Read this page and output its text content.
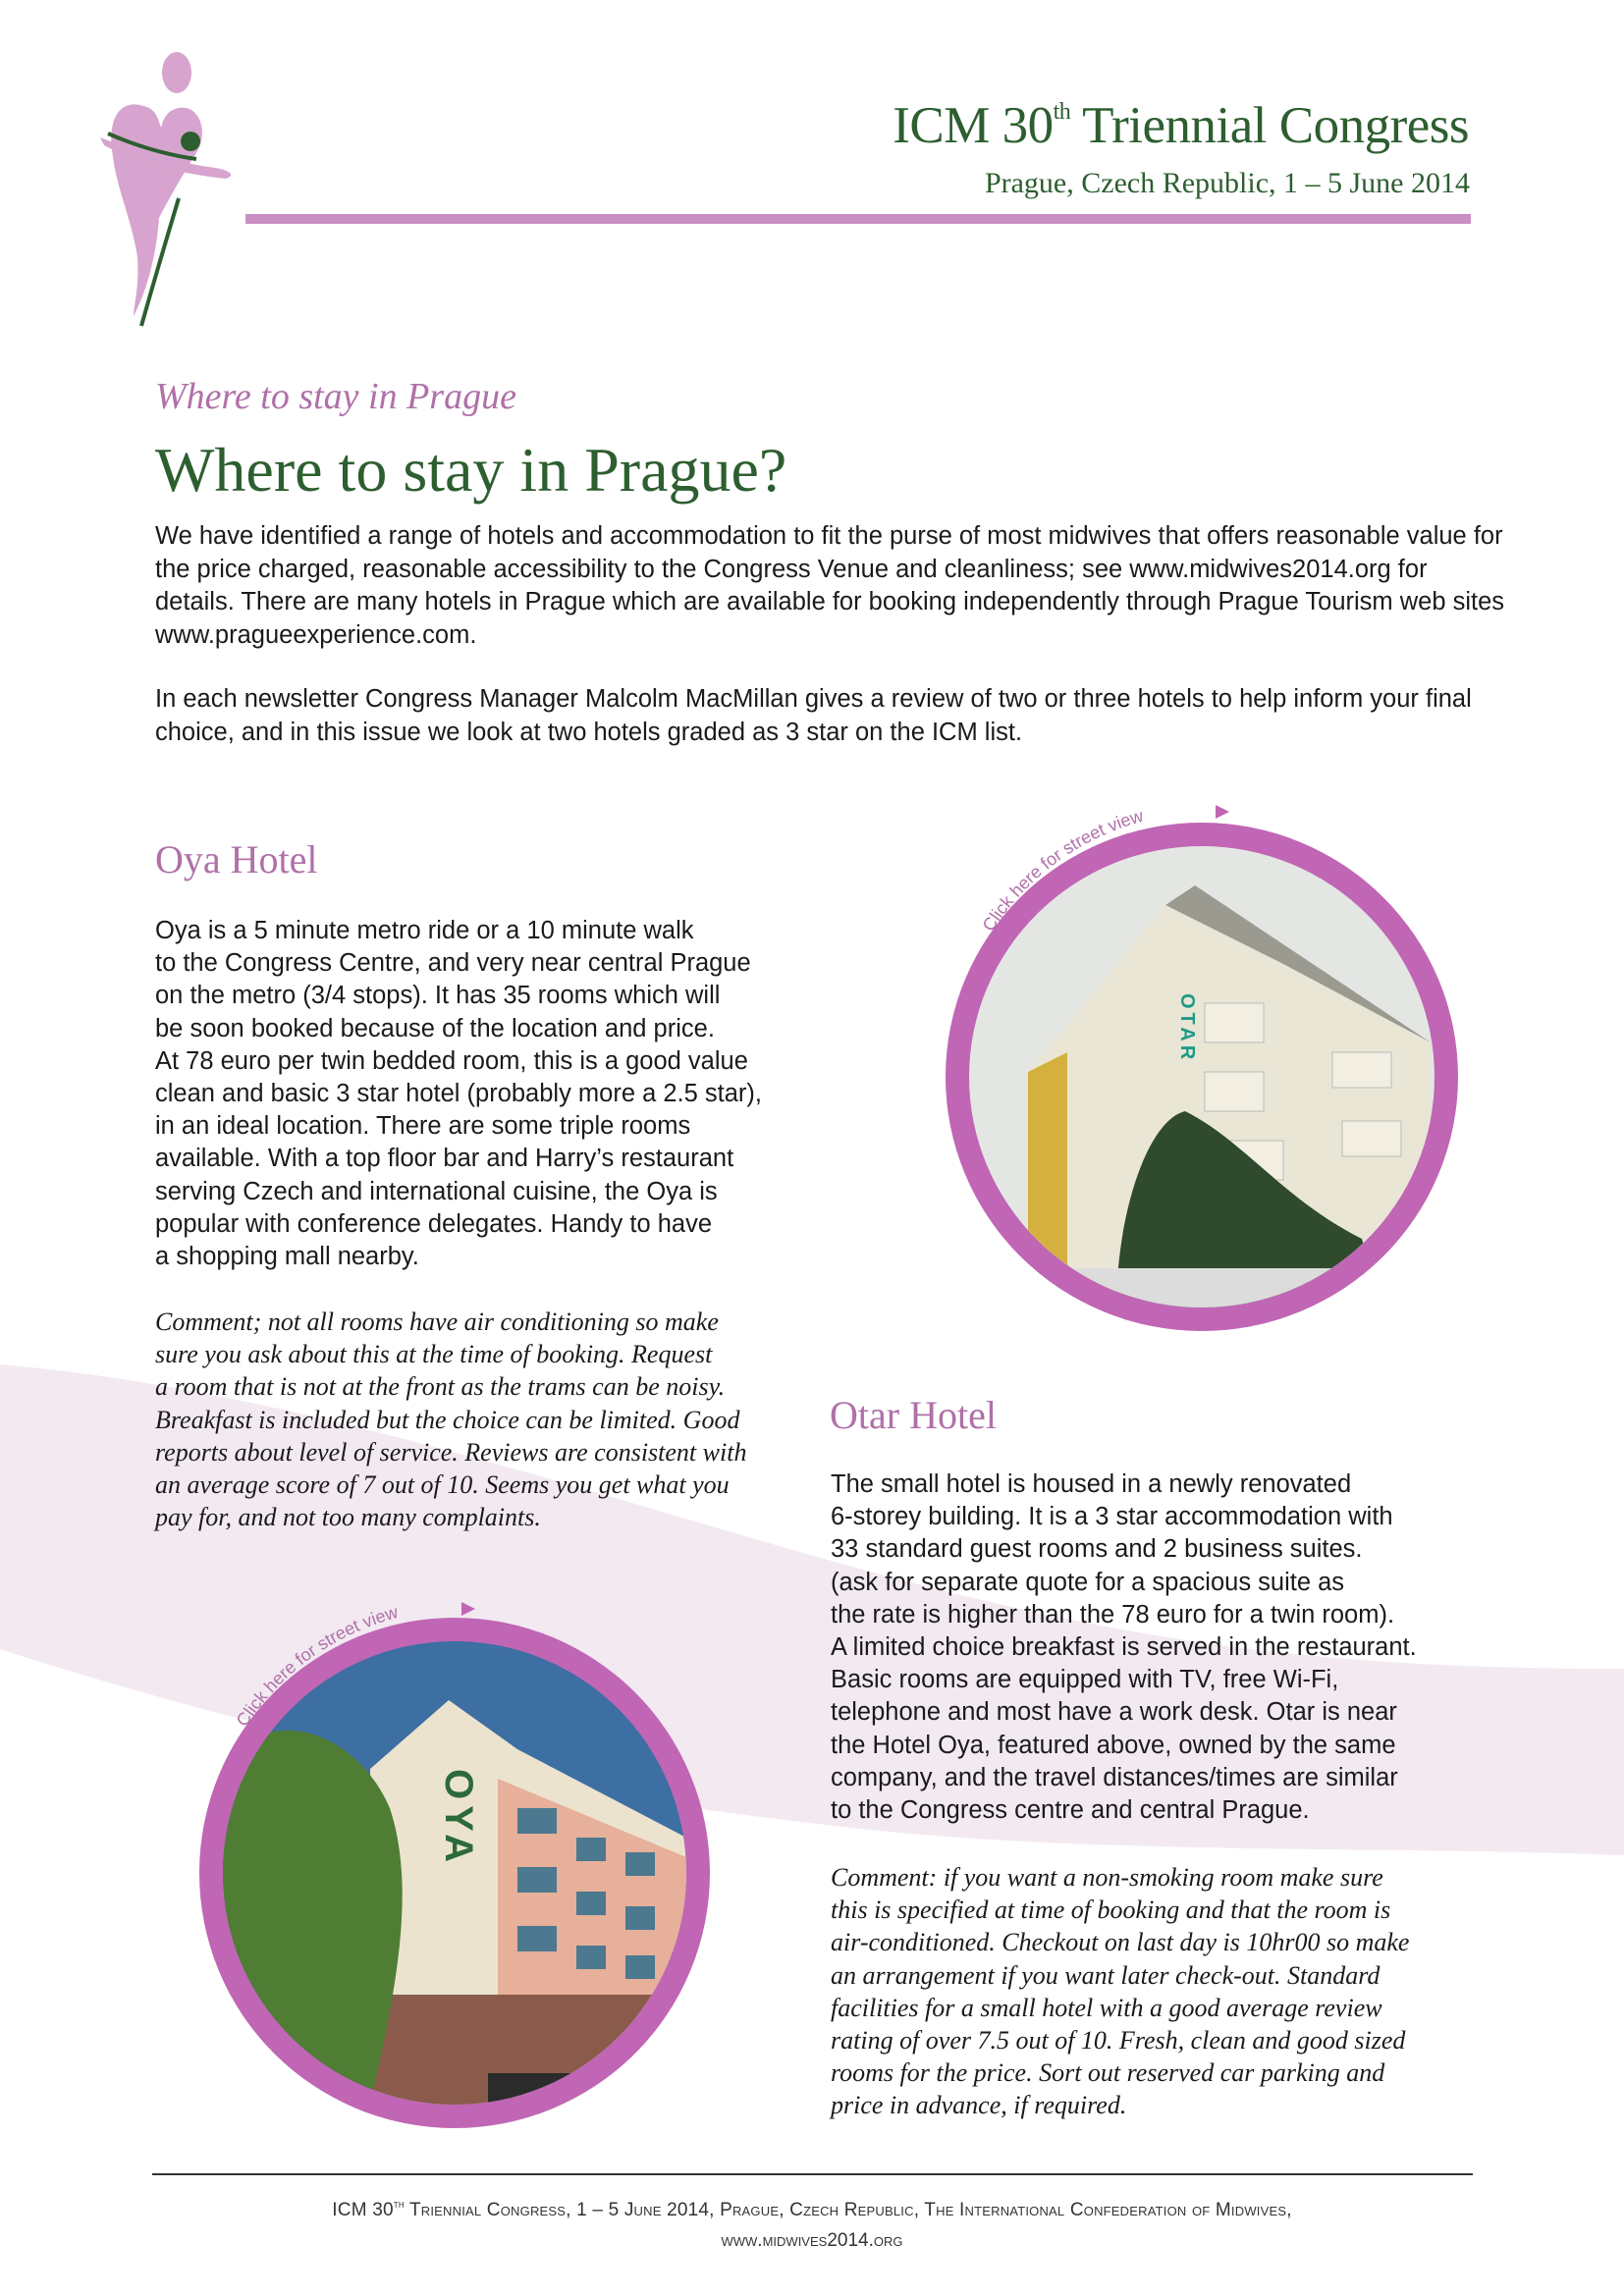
ICM 30th Triennial Congress
Prague, Czech Republic, 1 – 5 June 2014
Where to stay in Prague
Where to stay in Prague?

We have identified a range of hotels and accommodation to fit the purse of most midwives that offers reasonable value for the price charged, reasonable accessibility to the Congress Venue and cleanliness; see www.midwives2014.org for details. There are many hotels in Prague which are available for booking independently through Prague Tourism web sites www.pragueexperience.com.

In each newsletter Congress Manager Malcolm MacMillan gives a review of two or three hotels to help inform your final choice, and in this issue we look at two hotels graded as 3 star on the ICM list.

Oya Hotel
Oya is a 5 minute metro ride or a 10 minute walk
to the Congress Centre, and very near central Prague
on the metro (3/4 stops). It has 35 rooms which will
be soon booked because of the location and price.
At 78 euro per twin bedded room, this is a good value
clean and basic 3 star hotel (probably more a 2.5 star),
in an ideal location. There are some triple rooms
available. With a top floor bar and Harry’s restaurant
serving Czech and international cuisine, the Oya is
popular with conference delegates. Handy to have
a shopping mall nearby.
Comment; not all rooms have air conditioning so make
sure you ask about this at the time of booking. Request
a room that is not at the front as the trams can be noisy.
Breakfast is included but the choice can be limited. Good
reports about level of service. Reviews are consistent with
an average score of 7 out of 10. Seems you get what you
pay for, and not too many complaints.
OTAR
Click here for street view
Otar Hotel
The small hotel is housed in a newly renovated
6-storey building. It is a 3 star accommodation with
33 standard guest rooms and 2 business suites.
(ask for separate quote for a spacious suite as
the rate is higher than the 78 euro for a twin room).
A limited choice breakfast is served in the restaurant.
Basic rooms are equipped with TV, free Wi-Fi,
telephone and most have a work desk. Otar is near
the Hotel Oya, featured above, owned by the same
company, and the travel distances/times are similar
to the Congress centre and central Prague.
Comment: if you want a non-smoking room make sure
this is specified at time of booking and that the room is
air-conditioned. Checkout on last day is 10hr00 so make
an arrangement if you want later check-out. Standard
facilities for a small hotel with a good average review
rating of over 7.5 out of 10. Fresh, clean and good sized
rooms for the price. Sort out reserved car parking and
price in advance, if required.
OYA
Click here for street view
ICM 30th Triennial Congress, 1 – 5 June 2014, Prague, Czech Republic, The International Confederation of Midwives,
www.midwives2014.org
